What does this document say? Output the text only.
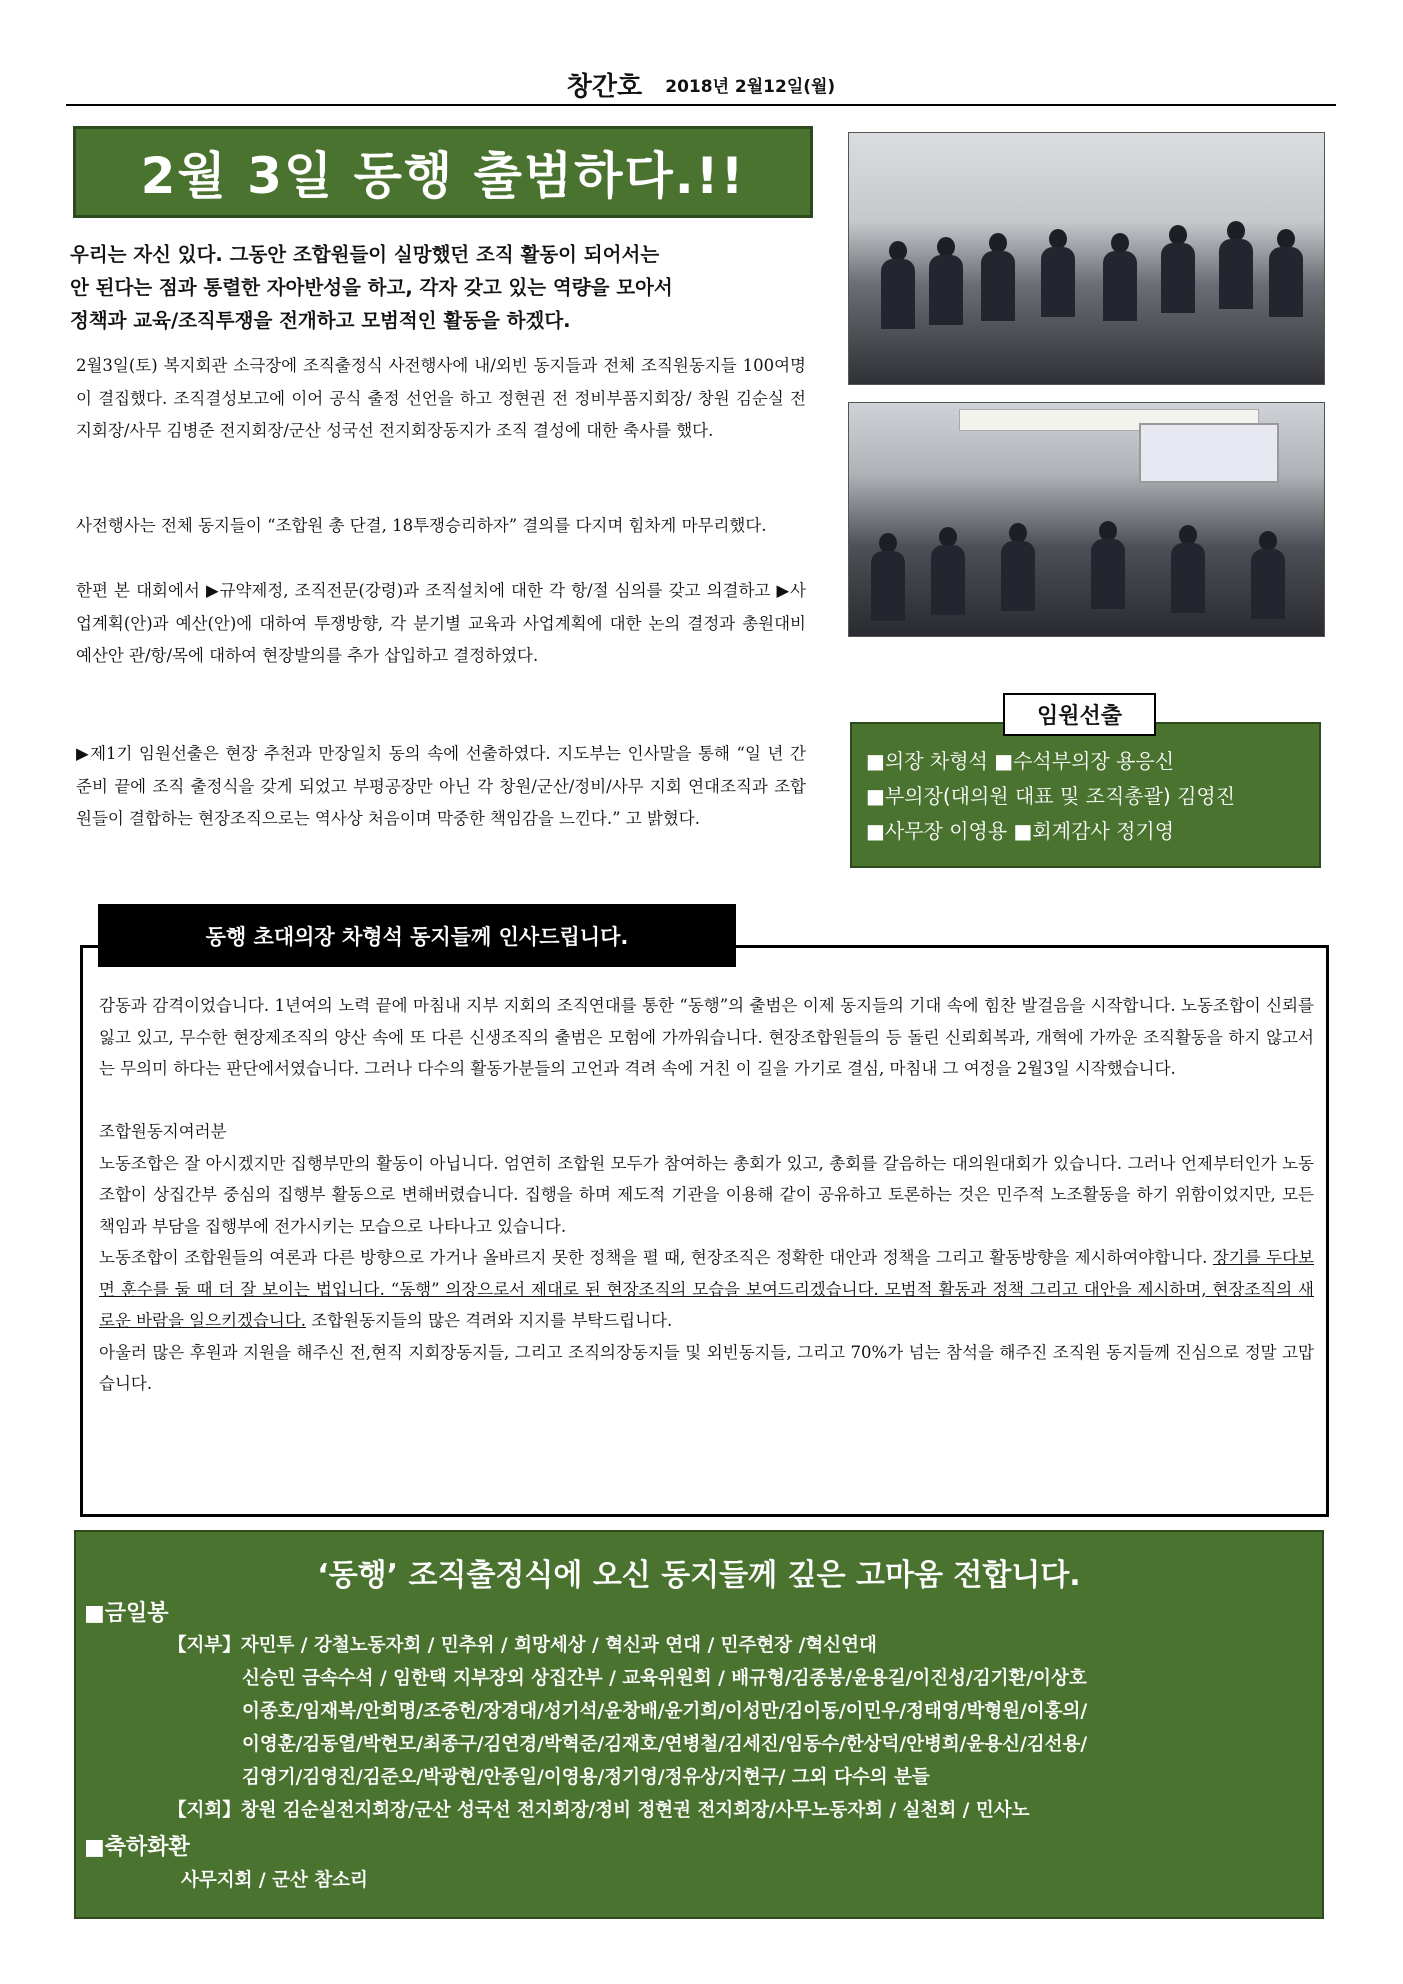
창간호 2018년 2월12일(월)
2월 3일 동행 출범하다.!!
우리는 자신 있다. 그동안 조합원들이 실망했던 조직 활동이 되어서는
안 된다는 점과 통렬한 자아반성을 하고, 각자 갖고 있는 역량을 모아서
정책과 교육/조직투쟁을 전개하고 모범적인 활동을 하겠다.
2월3일(토) 복지회관 소극장에 조직출정식 사전행사에 내/외빈 동지들과 전체 조직원동지들 100여명이 결집했다. 조직결성보고에 이어 공식 출정 선언을 하고 정현권 전 정비부품지회장/ 창원 김순실 전지회장/사무 김병준 전지회장/군산 성국선 전지회장동지가 조직 결성에 대한 축사를 했다.
사전행사는 전체 동지들이 “조합원 총 단결, 18투쟁승리하자” 결의를 다지며 힘차게 마무리했다.
한편 본 대회에서 ▶규약제정, 조직전문(강령)과 조직설치에 대한 각 항/절 심의를 갖고 의결하고 ▶사업계획(안)과 예산(안)에 대하여 투쟁방향, 각 분기별 교육과 사업계획에 대한 논의 결정과 총원대비 예산안 관/항/목에 대하여 현장발의를 추가 삽입하고 결정하였다.
▶제1기 임원선출은 현장 추천과 만장일치 동의 속에 선출하였다. 지도부는 인사말을 통해 “일 년 간 준비 끝에 조직 출정식을 갖게 되었고 부평공장만 아닌 각 창원/군산/정비/사무 지회 연대조직과 조합원들이 결합하는 현장조직으로는 역사상 처음이며 막중한 책임감을 느낀다.” 고 밝혔다.
임원선출
■의장 차형석 ■수석부의장 용응신
■부의장(대의원 대표 및 조직총괄) 김영진
■사무장 이영용 ■회계감사 정기영
동행 초대의장 차형석 동지들께 인사드립니다.

감동과 감격이었습니다. 1년여의 노력 끝에 마침내 지부 지회의 조직연대를 통한 “동행”의 출범은 이제 동지들의 기대 속에 힘찬 발걸음을 시작합니다. 노동조합이 신뢰를 잃고 있고, 무수한 현장제조직의 양산 속에 또 다른 신생조직의 출범은 모험에 가까워습니다. 현장조합원들의 등 돌린 신뢰회복과, 개혁에 가까운 조직활동을 하지 않고서는 무의미 하다는 판단에서였습니다. 그러나 다수의 활동가분들의 고언과 격려 속에 거친 이 길을 가기로 결심, 마침내 그 여정을 2월3일 시작했습니다.

조합원동지여러분

노동조합은 잘 아시겠지만 집행부만의 활동이 아닙니다. 엄연히 조합원 모두가 참여하는 총회가 있고, 총회를 갈음하는 대의원대회가 있습니다. 그러나 언제부터인가 노동조합이 상집간부 중심의 집행부 활동으로 변해버렸습니다. 집행을 하며 제도적 기관을 이용해 같이 공유하고 토론하는 것은 민주적 노조활동을 하기 위함이었지만, 모든 책임과 부담을 집행부에 전가시키는 모습으로 나타나고 있습니다.

노동조합이 조합원들의 여론과 다른 방향으로 가거나 올바르지 못한 정책을 펼 때, 현장조직은 정확한 대안과 정책을 그리고 활동방향을 제시하여야합니다. 장기를 두다보면 훈수를 둘 때 더 잘 보이는 법입니다. “동행” 의장으로서 제대로 된 현장조직의 모습을 보여드리겠습니다. 모범적 활동과 정책 그리고 대안을 제시하며, 현장조직의 새로운 바람을 일으키겠습니다. 조합원동지들의 많은 격려와 지지를 부탁드립니다.

아울러 많은 후원과 지원을 해주신 전,현직 지회장동지들, 그리고 조직의장동지들 및 외빈동지들, 그리고 70%가 넘는 참석을 해주진 조직원 동지들께 진심으로 정말 고맙습니다.

‘동행’ 조직출정식에 오신 동지들께 깊은 고마움 전합니다.
■금일봉
【지부】자민투 / 강철노동자회 / 민추위 / 희망세상 / 혁신과 연대 / 민주현장 /혁신연대
신승민 금속수석 / 임한택 지부장외 상집간부 / 교육위원회 / 배규형/김종봉/윤용길/이진성/김기환/이상호
이종호/임재복/안희명/조중헌/장경대/성기석/윤창배/윤기희/이성만/김이동/이민우/정태영/박형원/이홍의/
이영훈/김동열/박현모/최종구/김연경/박혁준/김재호/연병철/김세진/임동수/한상덕/안병희/윤용신/김선용/
김영기/김영진/김준오/박광현/안종일/이영용/정기영/정유상/지현구/ 그외 다수의 분들
【지회】창원 김순실전지회장/군산 성국선 전지회장/정비 정현권 전지회장/사무노동자회 / 실천회 / 민사노
■축하화환
사무지회 / 군산 참소리
